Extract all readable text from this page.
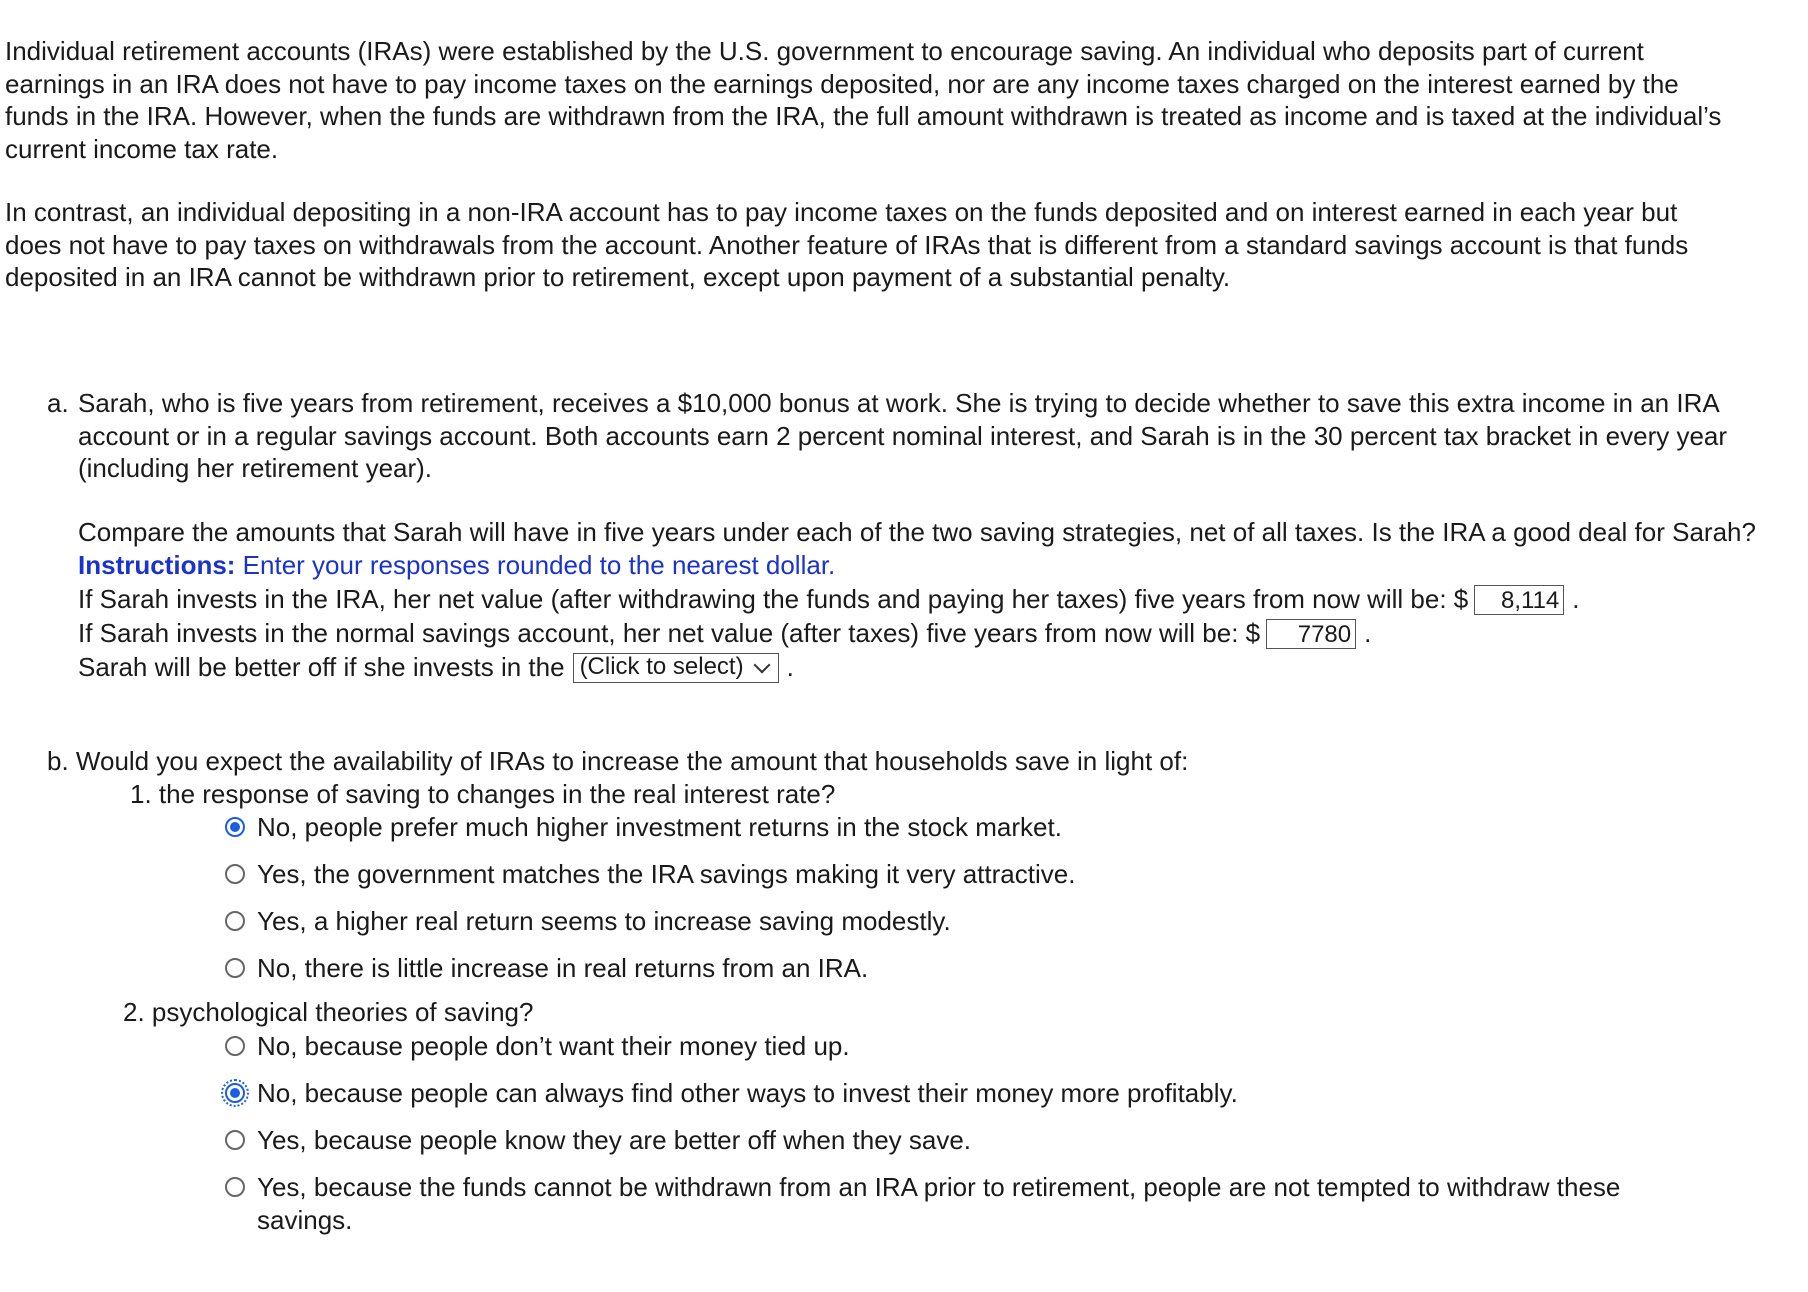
Individual retirement accounts (IRAs) were established by the U.S. government to encourage saving. An individual who deposits part of current earnings in an IRA does not have to pay income taxes on the earnings deposited, nor are any income taxes charged on the interest earned by the funds in the IRA. However, when the funds are withdrawn from the IRA, the full amount withdrawn is treated as income and is taxed at the individual’s current income tax rate.

In contrast, an individual depositing in a non-IRA account has to pay income taxes on the funds deposited and on interest earned in each year but does not have to pay taxes on withdrawals from the account. Another feature of IRAs that is different from a standard savings account is that funds deposited in an IRA cannot be withdrawn prior to retirement, except upon payment of a substantial penalty.

a. Sarah, who is five years from retirement, receives a $10,000 bonus at work. She is trying to decide whether to save this extra income in an IRA account or in a regular savings account. Both accounts earn 2 percent nominal interest, and Sarah is in the 30 percent tax bracket in every year (including her retirement year).
Compare the amounts that Sarah will have in five years under each of the two saving strategies, net of all taxes. Is the IRA a good deal for Sarah?
Instructions: Enter your responses rounded to the nearest dollar.
If Sarah invests in the IRA, her net value (after withdrawing the funds and paying her taxes) five years from now will be: $	8,114 .
If Sarah invests in the normal savings account, her net value (after taxes) five years from now will be: $	7780 .
Sarah will be better off if she invests in the (Click to select) .
b. Would you expect the availability of IRAs to increase the amount that households save in light of:
1. the response of saving to changes in the real interest rate?
No, people prefer much higher investment returns in the stock market.
Yes, the government matches the IRA savings making it very attractive.
Yes, a higher real return seems to increase saving modestly.
No, there is little increase in real returns from an IRA.
2. psychological theories of saving?
No, because people don’t want their money tied up.
No, because people can always find other ways to invest their money more profitably.
Yes, because people know they are better off when they save.
Yes, because the funds cannot be withdrawn from an IRA prior to retirement, people are not tempted to withdraw these savings.
